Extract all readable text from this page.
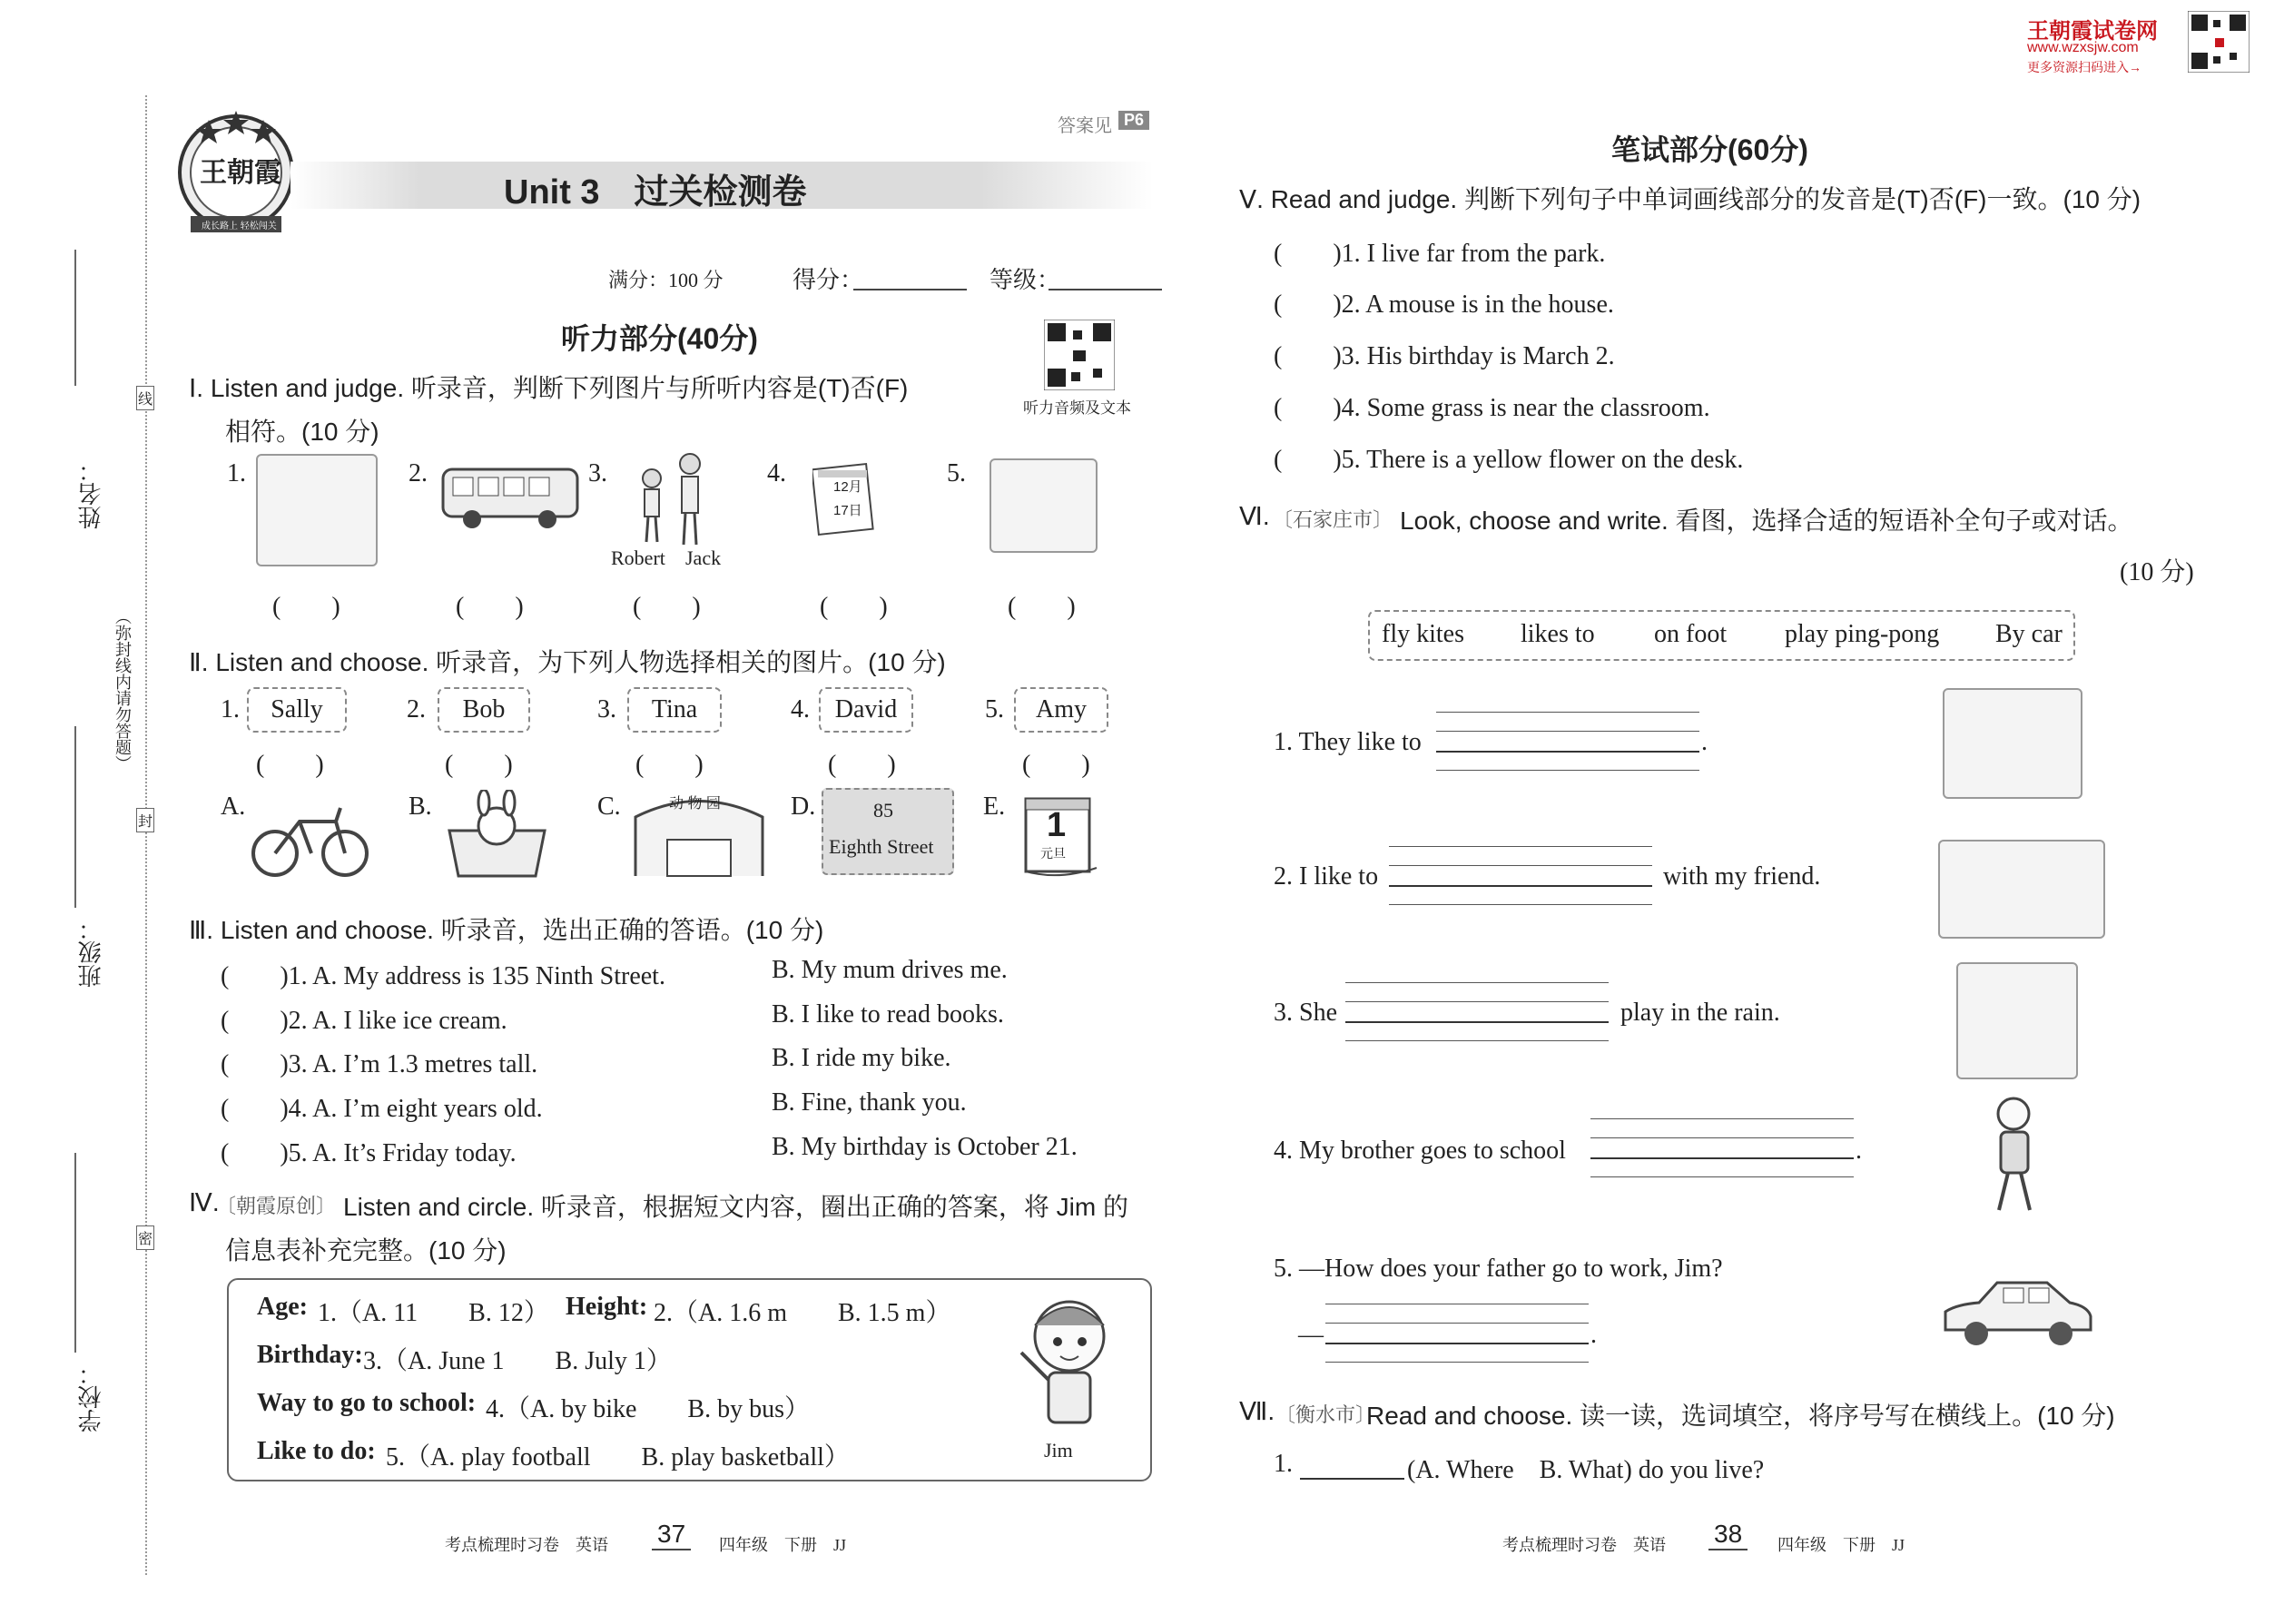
王朝霞试卷网
www.wzxsjw.com
更多资源扫码进入→
姓名：
班级：
学校：
（弥封线内请勿答题）
线
封
密
王朝霞
成长路上 轻松闯关
答案见 P6
Unit 3　过关检测卷
满分：100 分	得分：	等级：
听力部分(40分)
听力音频及文本
Ⅰ. Listen and judge. 听录音，判断下列图片与所听内容是(T)否(F)
相符。(10 分)
1.	2.	3.
Robert Jack
4.	12月
17日
5.
(　　)	(　　)	(　　)	(　　)	(　　)
Ⅱ. Listen and choose. 听录音，为下列人物选择相关的图片。(10 分)
1.	Sally	2.	Bob	3.	Tina	4. David	5.	Amy
(　　)	(　　)	(　　)	(　　)	(　　)
A.	B.	C.	动 物 园	D.	85
Eighth Street
E. 1
元旦
Ⅲ. Listen and choose. 听录音，选出正确的答语。(10 分)
(　　)1. A. My address is 135 Ninth Street.	B. My mum drives me.
(　　)2. A. I like ice cream.	B. I like to read books.
(　　)3. A. I’m 1.3 metres tall.	B. I ride my bike.
(　　)4. A. I’m eight years old.	B. Fine, thank you.
(　　)5. A. It’s Friday today.	B. My birthday is October 21.
Ⅳ.
〔朝霞原创〕 Listen and circle. 听录音，根据短文内容，圈出正确的答案，将 Jim 的
信息表补充完整。(10 分)
Age: 1.（A. 11　　B. 12） Height: 2.（A. 1.6 m　　B. 1.5 m）
Birthday: 3.（A. June 1　　B. July 1）
Way to go to school: 4.（A. by bike　　B. by bus）
Like to do: 5.（A. play football　　B. play basketball）	Jim
考点梳理时习卷　英语 37	四年级　下册　JJ
笔试部分(60分)
Ⅴ. Read and judge. 判断下列句子中单词画线部分的发音是(T)否(F)一致。(10 分)
(　　)1. I live far from the park.
(　　)2. A mouse is in the house.
(　　)3. His birthday is March 2.
(　　)4. Some grass is near the classroom.
(　　)5. There is a yellow flower on the desk.
Ⅵ. 〔石家庄市〕 Look, choose and write. 看图，选择合适的短语补全句子或对话。
(10 分)
fly kites likes to on foot play ping-pong By car
1. They like to	.
2. I like to	with my friend.
3. She	play in the rain.
4. My brother goes to school	.
5. —How does your father go to work, Jim?
—	.
Ⅶ. 〔衡水市〕
Read and choose. 读一读，选词填空，将序号写在横线上。(10 分)
1.	(A. Where　B. What) do you live?
考点梳理时习卷　英语 38	四年级　下册　JJ
